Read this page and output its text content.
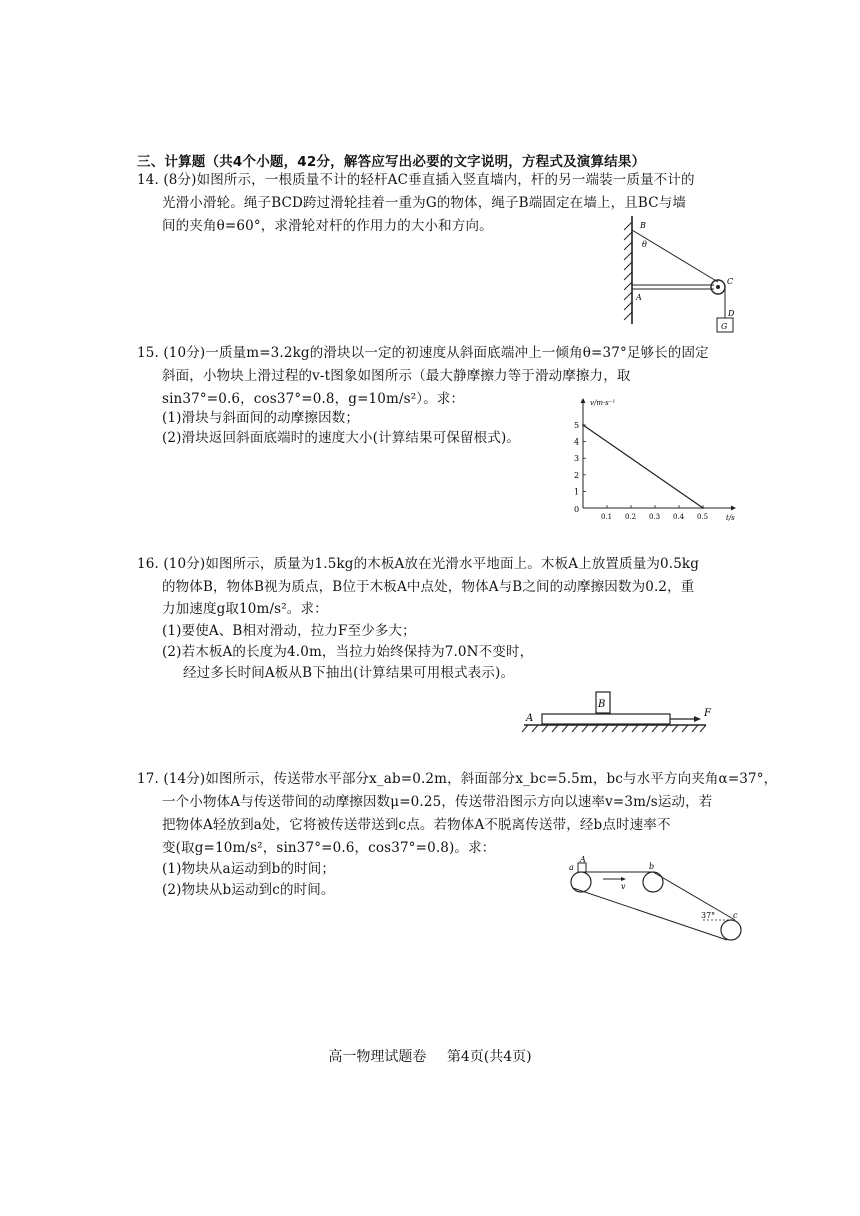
三、计算题（共4个小题，42分，解答应写出必要的文字说明，方程式及演算结果）
14. (8分)如图所示，一根质量不计的轻杆AC垂直插入竖直墙内，杆的另一端装一质量不计的
光滑小滑轮。绳子BCD跨过滑轮挂着一重为G的物体，绳子B端固定在墙上，且BC与墙
间的夹角θ=60°，求滑轮对杆的作用力的大小和方向。	B
θ
C
A
D
G
15. (10分)一质量m=3.2kg的滑块以一定的初速度从斜面底端冲上一倾角θ=37°足够长的固定
斜面，小物块上滑过程的v-t图象如图所示（最大静摩擦力等于滑动摩擦力，取
sin37°=0.6，cos37°=0.8，g=10m/s²）。求：
(1)滑块与斜面间的动摩擦因数；
(2)滑块返回斜面底端时的速度大小(计算结果可保留根式)。
v/m·s⁻¹
t/s
0
0.1 0.2 0.3 0.4 0.5
1
2
3
4
5
16. (10分)如图所示，质量为1.5kg的木板A放在光滑水平地面上。木板A上放置质量为0.5kg
的物体B，物体B视为质点，B位于木板A中点处，物体A与B之间的动摩擦因数为0.2，重
力加速度g取10m/s²。求：
(1)要使A、B相对滑动，拉力F至少多大；
(2)若木板A的长度为4.0m，当拉力始终保持为7.0N不变时，
经过多长时间A板从B下抽出(计算结果可用根式表示)。
B
A	F
17. (14分)如图所示，传送带水平部分x_ab=0.2m，斜面部分x_bc=5.5m，bc与水平方向夹角α=37°，
一个小物体A与传送带间的动摩擦因数μ=0.25，传送带沿图示方向以速率v=3m/s运动，若
把物体A轻放到a处，它将被传送带送到c点。若物体A不脱离传送带，经b点时速率不
变(取g=10m/s²，sin37°=0.6，cos37°=0.8)。求：
(1)物块从a运动到b的时间；
(2)物块从b运动到c的时间。
A
a	b
v
37° c
高一物理试题卷 第4页(共4页)
